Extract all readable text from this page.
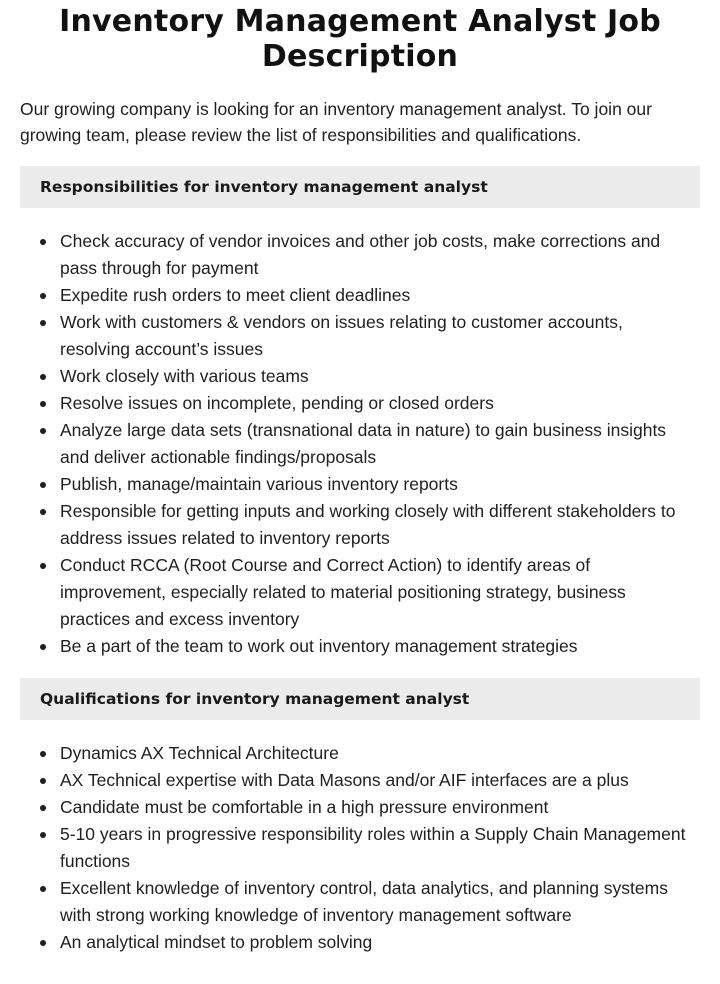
Inventory Management Analyst Job Description

Our growing company is looking for an inventory management analyst. To join our growing team, please review the list of responsibilities and qualifications.

Responsibilities for inventory management analyst
Check accuracy of vendor invoices and other job costs, make corrections and pass through for payment
Expedite rush orders to meet client deadlines
Work with customers & vendors on issues relating to customer accounts, resolving account’s issues
Work closely with various teams
Resolve issues on incomplete, pending or closed orders
Analyze large data sets (transnational data in nature) to gain business insights and deliver actionable findings/proposals
Publish, manage/maintain various inventory reports
Responsible for getting inputs and working closely with different stakeholders to address issues related to inventory reports
Conduct RCCA (Root Course and Correct Action) to identify areas of improvement, especially related to material positioning strategy, business practices and excess inventory
Be a part of the team to work out inventory management strategies
Qualifications for inventory management analyst
Dynamics AX Technical Architecture
AX Technical expertise with Data Masons and/or AIF interfaces are a plus
Candidate must be comfortable in a high pressure environment
5-10 years in progressive responsibility roles within a Supply Chain Management functions
Excellent knowledge of inventory control, data analytics, and planning systems with strong working knowledge of inventory management software
An analytical mindset to problem solving
